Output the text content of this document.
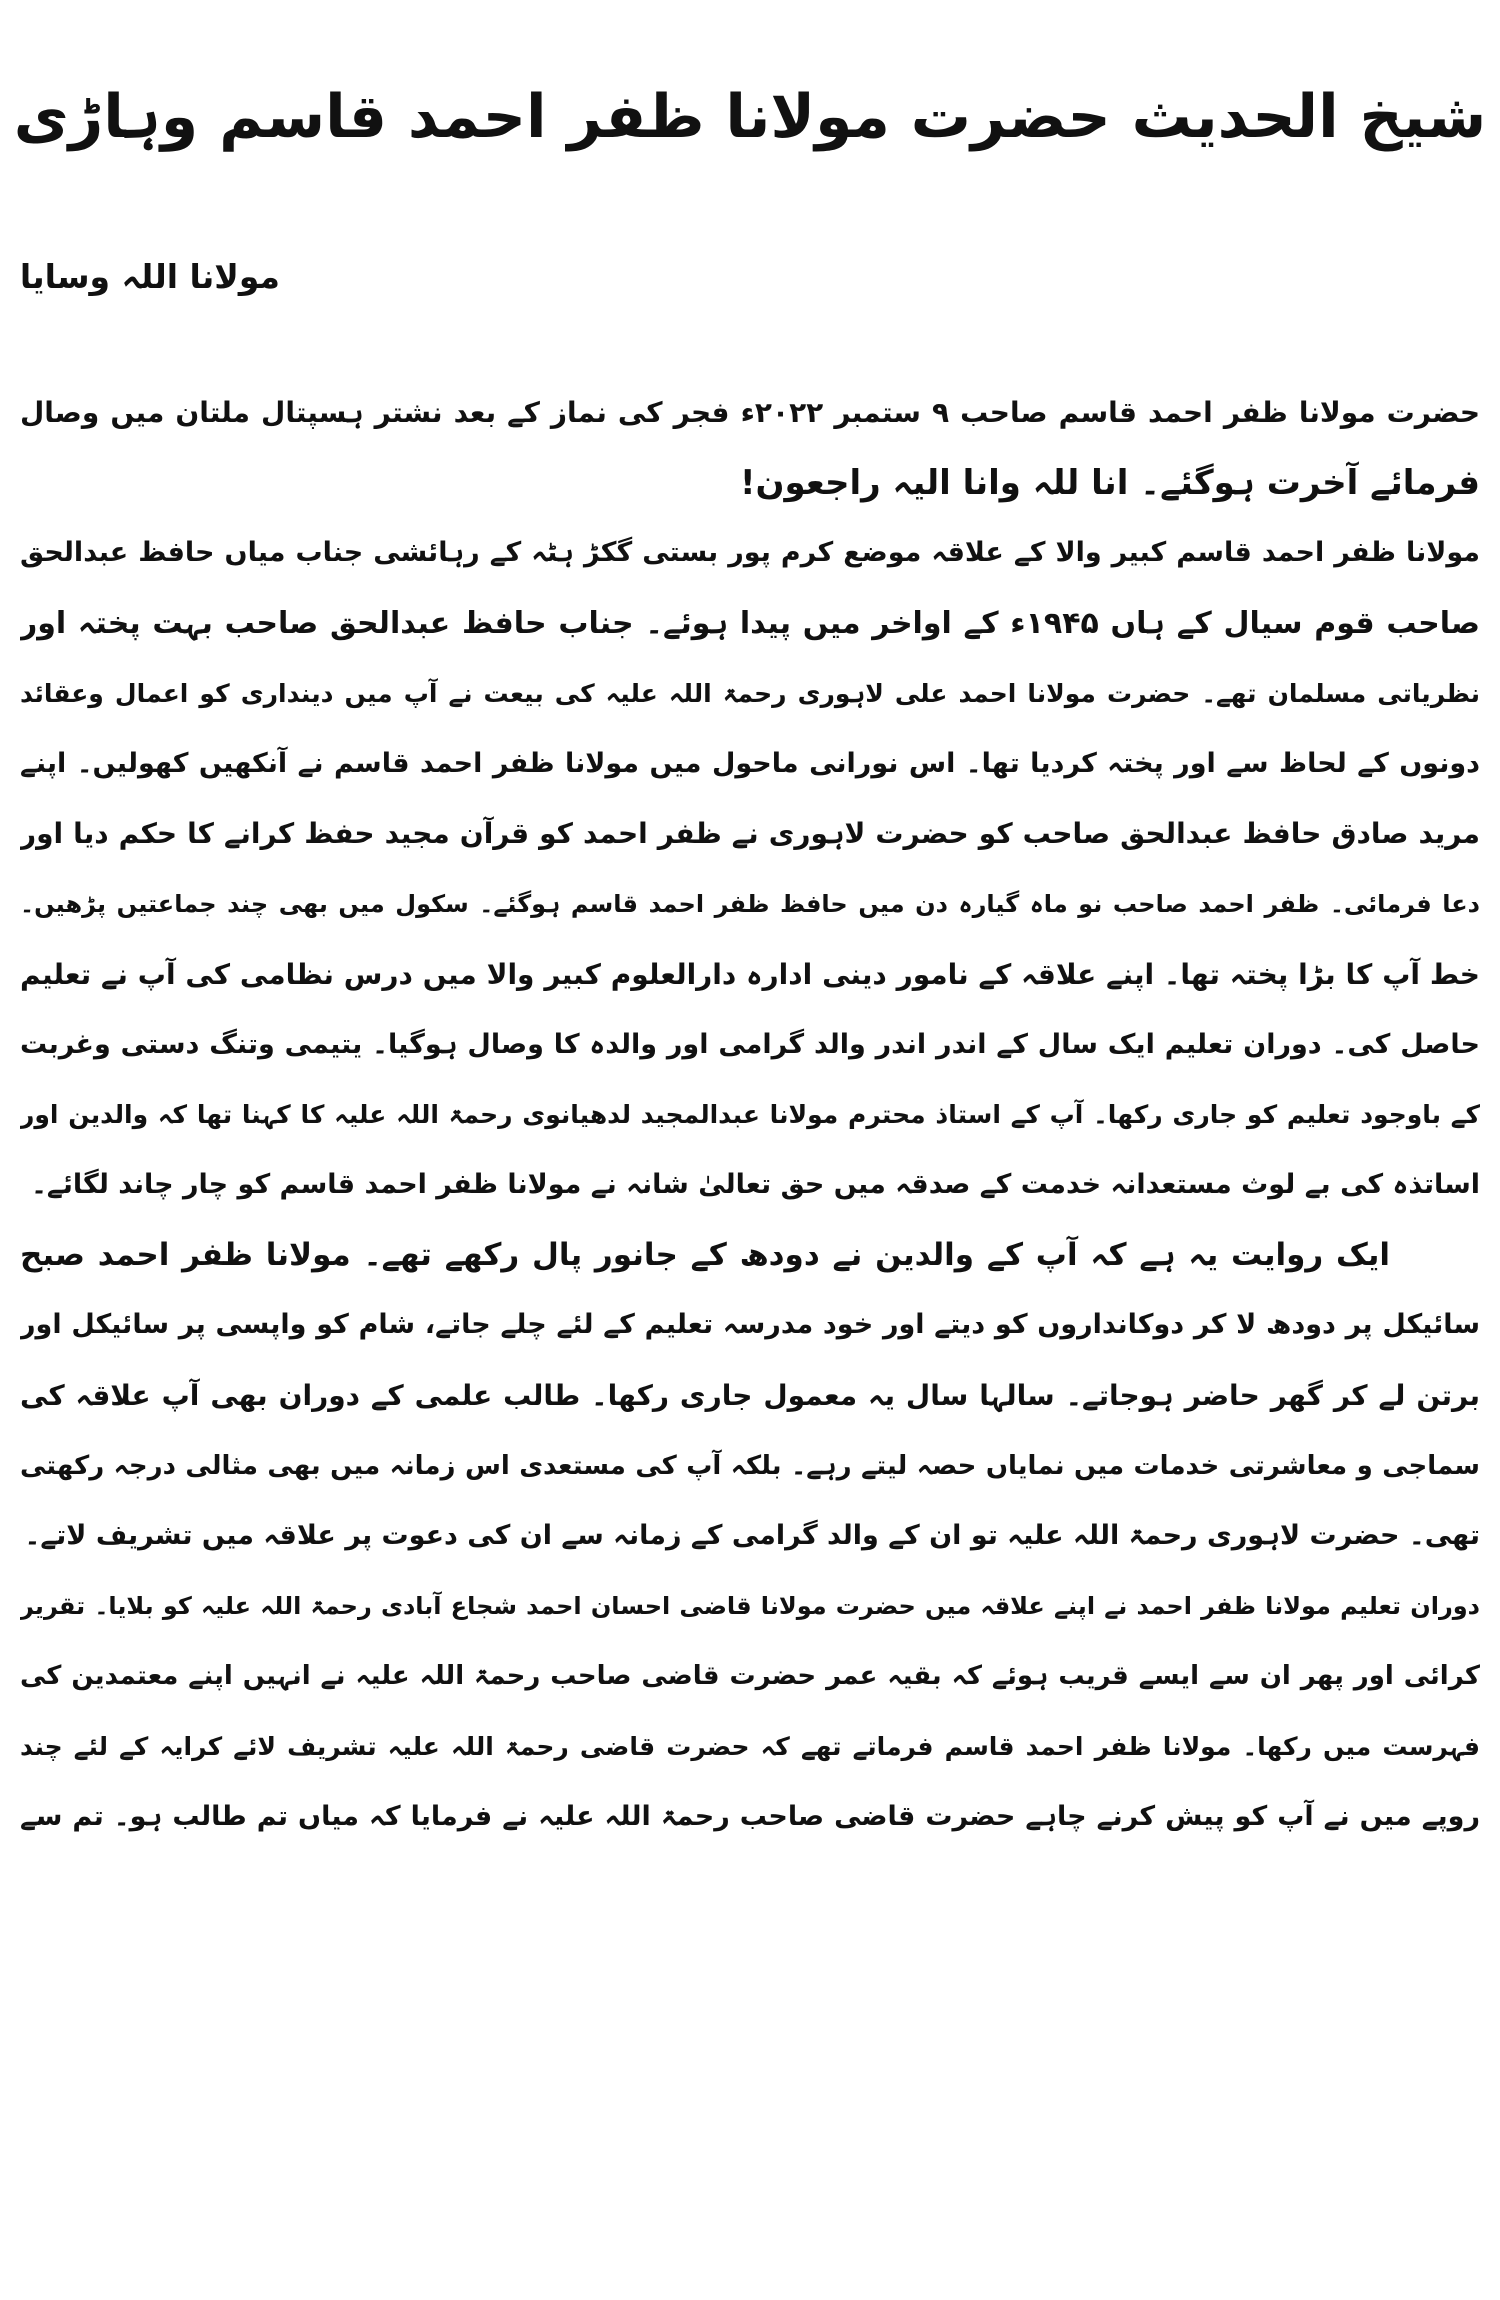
شیخ الحدیث حضرت مولانا ظفر احمد قاسم وہاڑی
مولانا اللہ وسایا
حضرت مولانا ظفر احمد قاسم صاحب ۹ ستمبر ۲۰۲۲ء فجر کی نماز کے بعد نشتر ہسپتال ملتان میں وصال
فرمائے آخرت ہوگئے۔ انا للہ وانا الیہ راجعون!
مولانا ظفر احمد قاسم کبیر والا کے علاقہ موضع کرم پور بستی گکڑ ہٹہ کے رہائشی جناب میاں حافظ عبدالحق
صاحب قوم سیال کے ہاں ۱۹۴۵ء کے اواخر میں پیدا ہوئے۔ جناب حافظ عبدالحق صاحب بہت پختہ اور
نظریاتی مسلمان تھے۔ حضرت مولانا احمد علی لاہوری رحمۃ اللہ علیہ کی بیعت نے آپ میں دینداری کو اعمال وعقائد
دونوں کے لحاظ سے اور پختہ کردیا تھا۔ اس نورانی ماحول میں مولانا ظفر احمد قاسم نے آنکھیں کھولیں۔ اپنے
مرید صادق حافظ عبدالحق صاحب کو حضرت لاہوری نے ظفر احمد کو قرآن مجید حفظ کرانے کا حکم دیا اور
دعا فرمائی۔ ظفر احمد صاحب نو ماہ گیارہ دن میں حافظ ظفر احمد قاسم ہوگئے۔ سکول میں بھی چند جماعتیں پڑھیں۔
خط آپ کا بڑا پختہ تھا۔ اپنے علاقہ کے نامور دینی ادارہ دارالعلوم کبیر والا میں درس نظامی کی آپ نے تعلیم
حاصل کی۔ دوران تعلیم ایک سال کے اندر اندر والد گرامی اور والدہ کا وصال ہوگیا۔ یتیمی وتنگ دستی وغربت
کے باوجود تعلیم کو جاری رکھا۔ آپ کے استاذ محترم مولانا عبدالمجید لدھیانوی رحمۃ اللہ علیہ کا کہنا تھا کہ والدین اور
اساتذہ کی بے لوث مستعدانہ خدمت کے صدقہ میں حق تعالیٰ شانہ نے مولانا ظفر احمد قاسم کو چار چاند لگائے۔
ایک روایت یہ ہے کہ آپ کے والدین نے دودھ کے جانور پال رکھے تھے۔ مولانا ظفر احمد صبح
سائیکل پر دودھ لا کر دوکانداروں کو دیتے اور خود مدرسہ تعلیم کے لئے چلے جاتے، شام کو واپسی پر سائیکل اور
برتن لے کر گھر حاضر ہوجاتے۔ سالہا سال یہ معمول جاری رکھا۔ طالب علمی کے دوران بھی آپ علاقہ کی
سماجی و معاشرتی خدمات میں نمایاں حصہ لیتے رہے۔ بلکہ آپ کی مستعدی اس زمانہ میں بھی مثالی درجہ رکھتی
تھی۔ حضرت لاہوری رحمۃ اللہ علیہ تو ان کے والد گرامی کے زمانہ سے ان کی دعوت پر علاقہ میں تشریف لاتے۔
دوران تعلیم مولانا ظفر احمد نے اپنے علاقہ میں حضرت مولانا قاضی احسان احمد شجاع آبادی رحمۃ اللہ علیہ کو بلایا۔ تقریر
کرائی اور پھر ان سے ایسے قریب ہوئے کہ بقیہ عمر حضرت قاضی صاحب رحمۃ اللہ علیہ نے انہیں اپنے معتمدین کی
فہرست میں رکھا۔ مولانا ظفر احمد قاسم فرماتے تھے کہ حضرت قاضی رحمۃ اللہ علیہ تشریف لائے کرایہ کے لئے چند
روپے میں نے آپ کو پیش کرنے چاہے حضرت قاضی صاحب رحمۃ اللہ علیہ نے فرمایا کہ میاں تم طالب ہو۔ تم سے
